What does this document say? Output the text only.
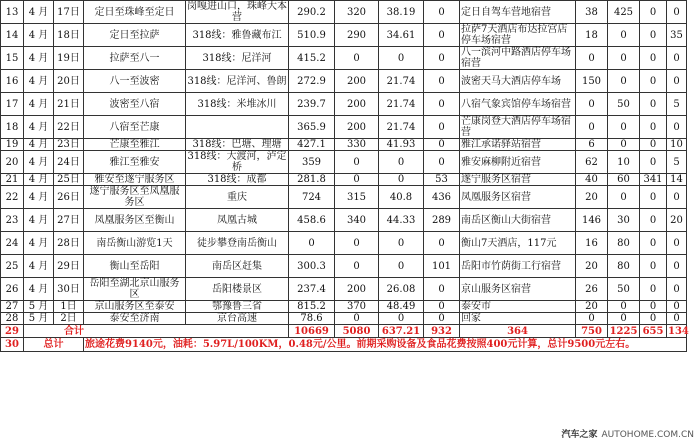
13	4 月	17日	定日至珠峰至定日	岗嘎进山口，珠峰大本营	290.2	320	38.19	0	定日自驾车营地宿营	38	425	0	0
14	4 月	18日	定日至拉萨	318线：雅鲁藏布江	510.9	290	34.61	0	拉萨7天酒店布达拉宫店停车场宿营	18	0	0	35
15	4 月	19日	拉萨至八一	318线：尼洋河	415.2	0	0	0	八一滨河中路酒店停车场宿营	0	0	0	0
16	4 月	20日	八一至波密	318线：尼洋河、鲁朗	272.9	200	21.74	0	波密天马大酒店停车场	150	0	0	0
17	4 月	21日	波密至八宿	318线：米堆冰川	239.7	200	21.74	0	八宿气象宾馆停车场宿营	0	50	0	5
18	4 月	22日	八宿至芒康		365.9	200	21.74	0	芒康岗登大酒店停车场宿营	0	0	0	0
19	4 月	23日	芒康至雅江	318线：巴塘、理塘	427.1	330	41.93	0	雅江承诺驿站宿营	6	0	0	10
20	4 月	24日	雅江至雅安	318线：大渡河，泸定桥	359	0	0	0	雅安麻柳附近宿营	62	10	0	5
21	4 月	25日	雅安至遂宁服务区	318线：成都	281.8	0	0	53	遂宁服务区宿营	40	60	341	14
22	4 月	26日	遂宁服务区至凤凰服务区	重庆	724	315	40.8	436	凤凰服务区宿营	20	0	0	0
23	4 月	27日	凤凰服务区至衡山	凤凰古城	458.6	340	44.33	289	南岳区衡山大街宿营	146	30	0	20
24	4 月	28日	南岳衡山游览1天	徒步攀登南岳衡山	0	0	0	0	衡山7天酒店，117元	16	80	0	0
25	4 月	29日	衡山至岳阳	南岳区赶集	300.3	0	0	101	岳阳市竹荫街工行宿营	20	80	0	0
26	4 月	30日	岳阳至湖北京山服务区	岳阳楼景区	237.4	200	26.08	0	京山服务区宿营	26	50	0	0
27	5 月	1日	京山服务区至泰安	鄂豫鲁三省	815.2	370	48.49	0	泰安市	20	0	0	0
28	5 月	2日	泰安至济南	京台高速	78.6	0	0	0	回家	0	0	0	0
29	合计				10669	5080	637.21	932	364	750	1225	655	134
30	总计		旅途花费9140元，油耗：5.97L/100KM，0.48元/公里。前期采购设备及食品花费按照400元计算，总计9500元左右。										
汽车之家 AUTOHOME.COM.CN
